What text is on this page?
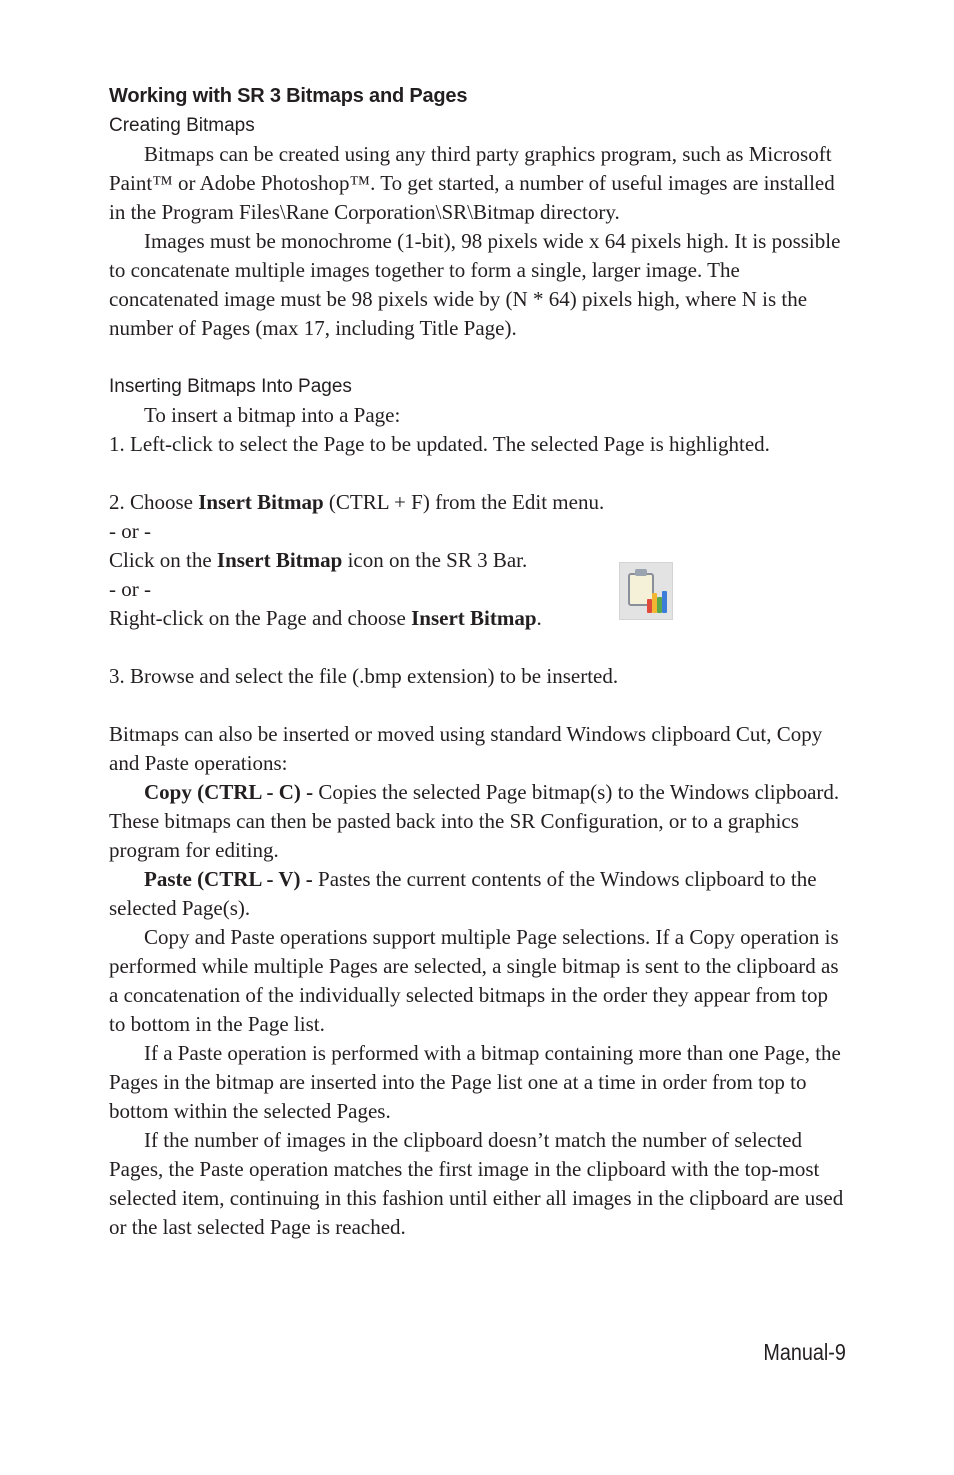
Working with SR 3 Bitmaps and Pages
Creating Bitmaps

Bitmaps can be created using any third party graphics program, such as Microsoft Paint™ or Adobe Photoshop™. To get started, a number of useful images are installed in the Program Files\Rane Corporation\SR\Bitmap directory.

Images must be monochrome (1-bit), 98 pixels wide x 64 pixels high. It is possible to concatenate multiple images together to form a single, larger image. The concatenated image must be 98 pixels wide by (N * 64) pixels high, where N is the number of Pages (max 17, including Title Page).

Inserting Bitmaps Into Pages

To insert a bitmap into a Page:

1. Left-click to select the Page to be updated. The selected Page is highlighted.

2. Choose Insert Bitmap (CTRL + F) from the Edit menu.

- or -

Click on the Insert Bitmap icon on the SR 3 Bar.

- or -

Right-click on the Page and choose Insert Bitmap.

3. Browse and select the file (.bmp extension) to be inserted.

Bitmaps can also be inserted or moved using standard Windows clipboard Cut, Copy and Paste operations:

Copy (CTRL - C) - Copies the selected Page bitmap(s) to the Windows clipboard. These bitmaps can then be pasted back into the SR Configuration, or to a graphics program for editing.

Paste (CTRL - V) - Pastes the current contents of the Windows clipboard to the selected Page(s).

Copy and Paste operations support multiple Page selections. If a Copy operation is performed while multiple Pages are selected, a single bitmap is sent to the clipboard as a concatenation of the individually selected bitmaps in the order they appear from top to bottom in the Page list.

If a Paste operation is performed with a bitmap containing more than one Page, the Pages in the bitmap are inserted into the Page list one at a time in order from top to bottom within the selected Pages.

If the number of images in the clipboard doesn’t match the number of selected Pages, the Paste operation matches the first image in the clipboard with the top-most selected item, continuing in this fashion until either all images in the clipboard are used or the last selected Page is reached.

Manual-9
